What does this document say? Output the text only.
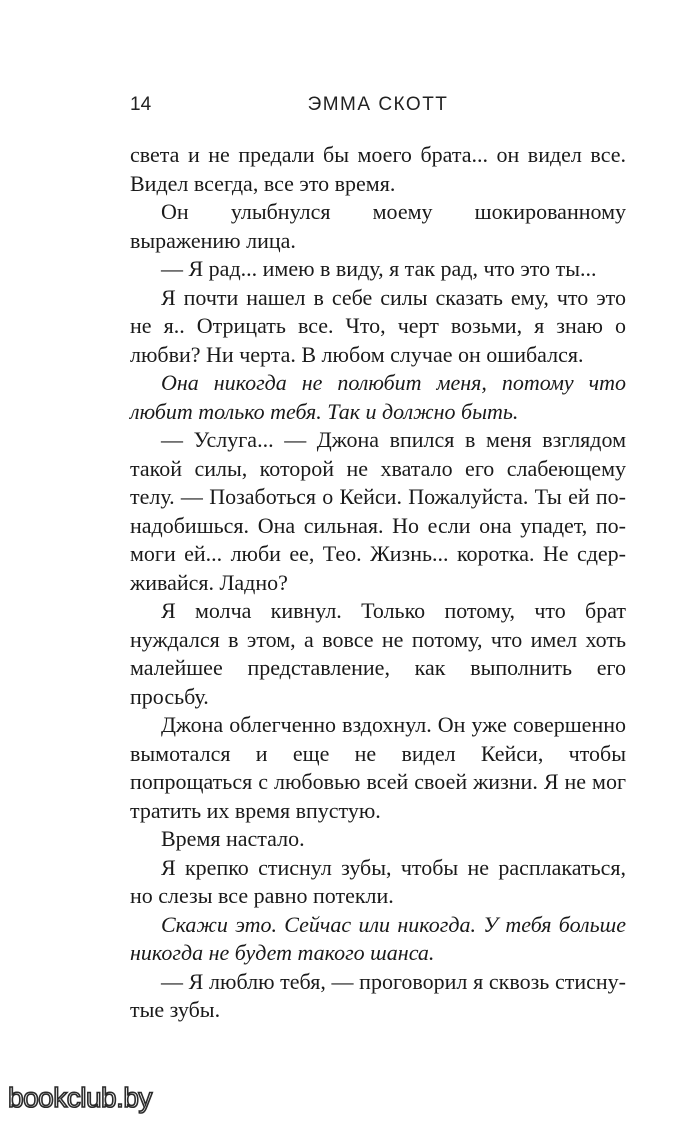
14	ЭММА СКОТТ

света и не предали бы моего брата... он видел все. Видел всегда, все это время.

Он улыбнулся моему шокированному выражению лица.

— Я рад... имею в виду, я так рад, что это ты...

Я почти нашел в себе силы сказать ему, что это не я.. Отрицать все. Что, черт возьми, я знаю о любви? Ни черта. В любом случае он ошибался.

Она никогда не полюбит меня, потому что любит только тебя. Так и должно быть.

— Услуга... — Джона впился в меня взглядом такой силы, которой не хватало его слабеющему телу. — Позаботься о Кейси. Пожалуйста. Ты ей понадобишься. Она сильная. Но если она упадет, помоги ей... люби ее, Тео. Жизнь... коротка. Не сдерживайся. Ладно?

Я молча кивнул. Только потому, что брат нуждался в этом, а вовсе не потому, что имел хоть малейшее представление, как выполнить его просьбу.

Джона облегченно вздохнул. Он уже совершенно вымотался и еще не видел Кейси, чтобы попрощаться с любовью всей своей жизни. Я не мог тратить их время впустую.

Время настало.

Я крепко стиснул зубы, чтобы не расплакаться, но слезы все равно потекли.

Скажи это. Сейчас или никогда. У тебя больше никогда не будет такого шанса.

— Я люблю тебя, — проговорил я сквозь стиснутые зубы.

bookclub.by
